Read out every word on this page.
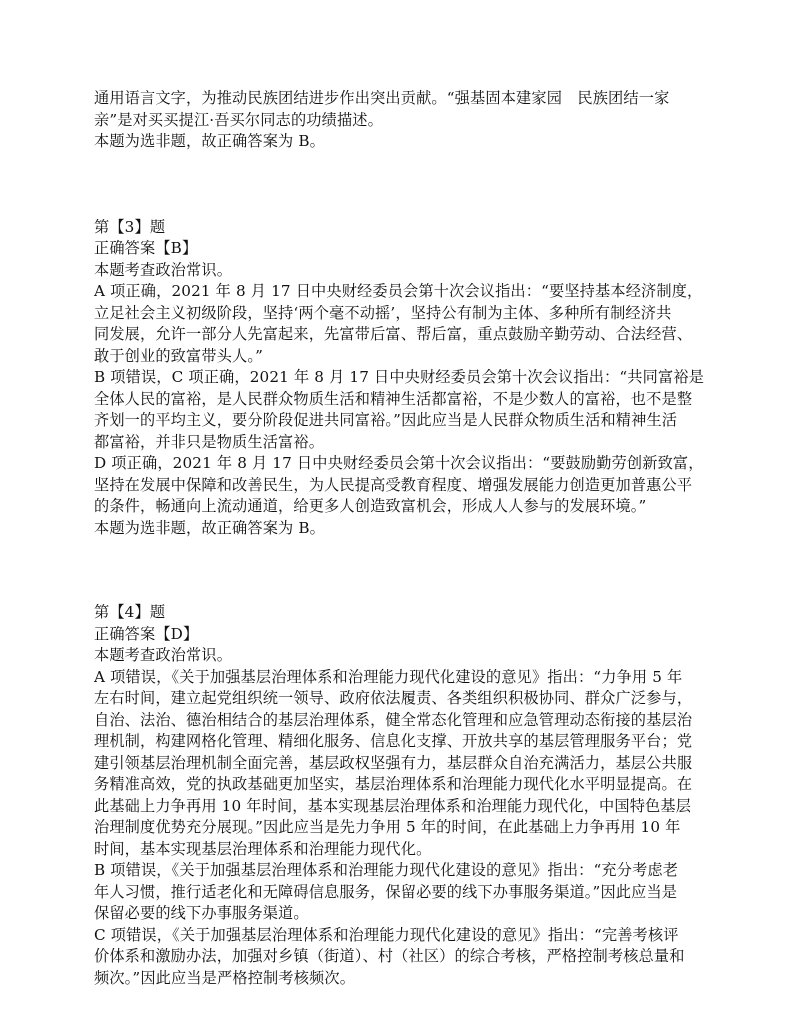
通用语言文字，为推动民族团结进步作出突出贡献。“强基固本建家园　民族团结一家
亲”是对买买提江·吾买尔同志的功绩描述。
本题为选非题，故正确答案为 B。
第【3】题
正确答案【B】
本题考查政治常识。
A 项正确，2021 年 8 月 17 日中央财经委员会第十次会议指出：“要坚持基本经济制度，
立足社会主义初级阶段，坚持‘两个毫不动摇’，坚持公有制为主体、多种所有制经济共
同发展，允许一部分人先富起来，先富带后富、帮后富，重点鼓励辛勤劳动、合法经营、
敢于创业的致富带头人。”
B 项错误，C 项正确，2021 年 8 月 17 日中央财经委员会第十次会议指出：“共同富裕是
全体人民的富裕，是人民群众物质生活和精神生活都富裕，不是少数人的富裕，也不是整
齐划一的平均主义，要分阶段促进共同富裕。”因此应当是人民群众物质生活和精神生活
都富裕，并非只是物质生活富裕。
D 项正确，2021 年 8 月 17 日中央财经委员会第十次会议指出：“要鼓励勤劳创新致富，
坚持在发展中保障和改善民生，为人民提高受教育程度、增强发展能力创造更加普惠公平
的条件，畅通向上流动通道，给更多人创造致富机会，形成人人参与的发展环境。”
本题为选非题，故正确答案为 B。
第【4】题
正确答案【D】
本题考查政治常识。
A 项错误，《关于加强基层治理体系和治理能力现代化建设的意见》指出：“力争用 5 年
左右时间，建立起党组织统一领导、政府依法履责、各类组织积极协同、群众广泛参与，
自治、法治、德治相结合的基层治理体系，健全常态化管理和应急管理动态衔接的基层治
理机制，构建网格化管理、精细化服务、信息化支撑、开放共享的基层管理服务平台；党
建引领基层治理机制全面完善，基层政权坚强有力，基层群众自治充满活力，基层公共服
务精准高效，党的执政基础更加坚实，基层治理体系和治理能力现代化水平明显提高。在
此基础上力争再用 10 年时间，基本实现基层治理体系和治理能力现代化，中国特色基层
治理制度优势充分展现。”因此应当是先力争用 5 年的时间，在此基础上力争再用 10 年
时间，基本实现基层治理体系和治理能力现代化。
B 项错误，《关于加强基层治理体系和治理能力现代化建设的意见》指出：“充分考虑老
年人习惯，推行适老化和无障碍信息服务，保留必要的线下办事服务渠道。”因此应当是
保留必要的线下办事服务渠道。
C 项错误，《关于加强基层治理体系和治理能力现代化建设的意见》指出：“完善考核评
价体系和激励办法，加强对乡镇（街道）、村（社区）的综合考核，严格控制考核总量和
频次。”因此应当是严格控制考核频次。
